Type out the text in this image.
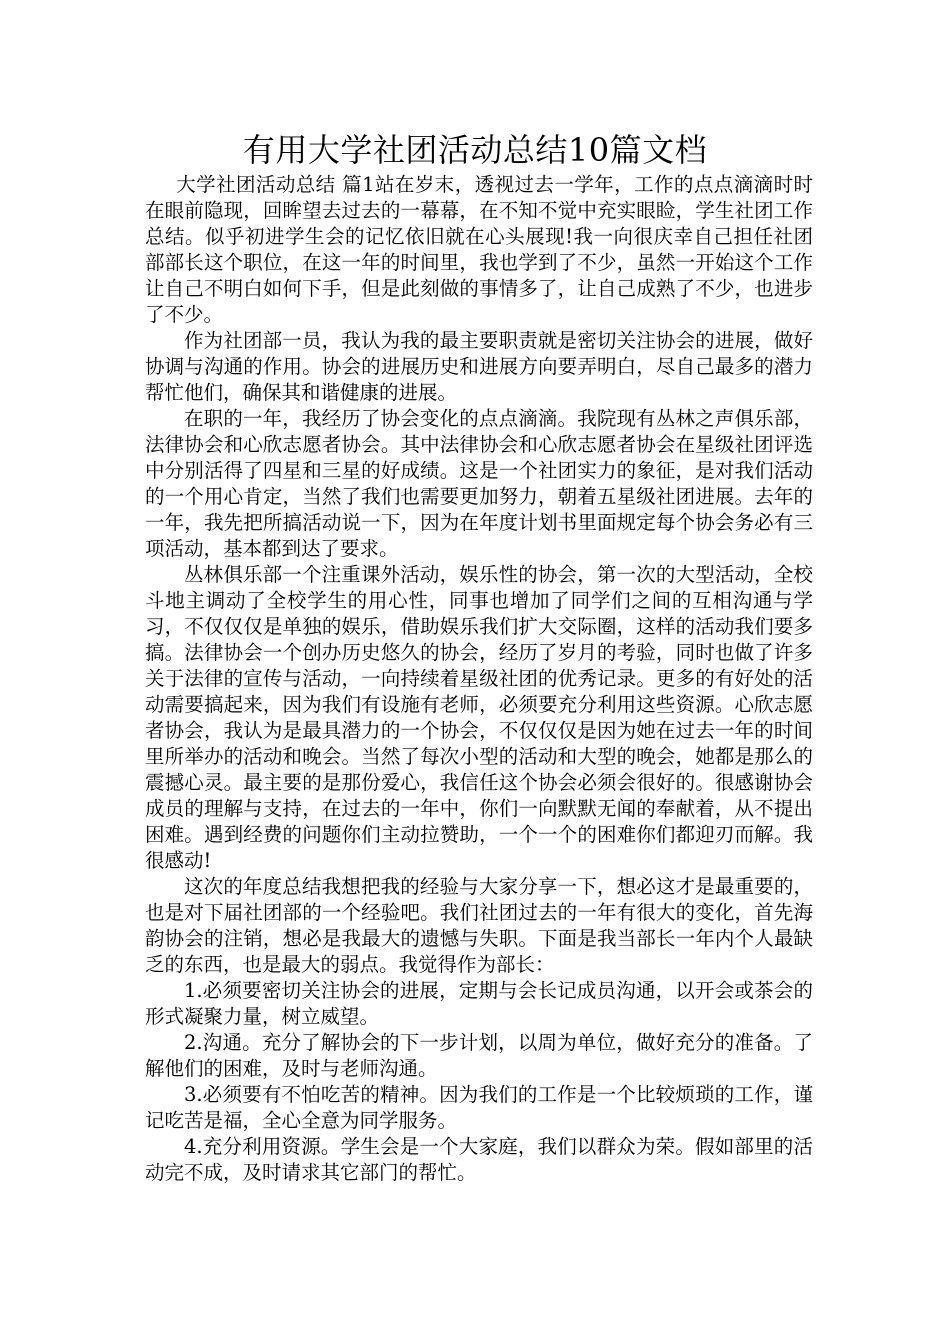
有用大学社团活动总结10篇文档

大学社团活动总结 篇1站在岁末，透视过去一学年，工作的点点滴滴时时在眼前隐现，回眸望去过去的一幕幕，在不知不觉中充实眼睑，学生社团工作总结。似乎初进学生会的记忆依旧就在心头展现!我一向很庆幸自己担任社团部部长这个职位，在这一年的时间里，我也学到了不少，虽然一开始这个工作让自己不明白如何下手，但是此刻做的事情多了，让自己成熟了不少，也进步了不少。

作为社团部一员，我认为我的最主要职责就是密切关注协会的进展，做好协调与沟通的作用。协会的进展历史和进展方向要弄明白，尽自己最多的潜力帮忙他们，确保其和谐健康的进展。

在职的一年，我经历了协会变化的点点滴滴。我院现有丛林之声俱乐部，法律协会和心欣志愿者协会。其中法律协会和心欣志愿者协会在星级社团评选中分别活得了四星和三星的好成绩。这是一个社团实力的象征，是对我们活动的一个用心肯定，当然了我们也需要更加努力，朝着五星级社团进展。去年的一年，我先把所搞活动说一下，因为在年度计划书里面规定每个协会务必有三项活动，基本都到达了要求。

丛林俱乐部一个注重课外活动，娱乐性的协会，第一次的大型活动，全校斗地主调动了全校学生的用心性，同事也增加了同学们之间的互相沟通与学习，不仅仅仅是单独的娱乐，借助娱乐我们扩大交际圈，这样的活动我们要多搞。法律协会一个创办历史悠久的协会，经历了岁月的考验，同时也做了许多关于法律的宣传与活动，一向持续着星级社团的优秀记录。更多的有好处的活动需要搞起来，因为我们有设施有老师，必须要充分利用这些资源。心欣志愿者协会，我认为是最具潜力的一个协会，不仅仅仅是因为她在过去一年的时间里所举办的活动和晚会。当然了每次小型的活动和大型的晚会，她都是那么的震撼心灵。最主要的是那份爱心，我信任这个协会必须会很好的。很感谢协会成员的理解与支持，在过去的一年中，你们一向默默无闻的奉献着，从不提出困难。遇到经费的问题你们主动拉赞助，一个一个的困难你们都迎刃而解。我很感动!

这次的年度总结我想把我的经验与大家分享一下，想必这才是最重要的，也是对下届社团部的一个经验吧。我们社团过去的一年有很大的变化，首先海韵协会的注销，想必是我最大的遗憾与失职。下面是我当部长一年内个人最缺乏的东西，也是最大的弱点。我觉得作为部长：

1.必须要密切关注协会的进展，定期与会长记成员沟通，以开会或茶会的形式凝聚力量，树立威望。

2.沟通。充分了解协会的下一步计划，以周为单位，做好充分的准备。了解他们的困难，及时与老师沟通。

3.必须要有不怕吃苦的精神。因为我们的工作是一个比较烦琐的工作，谨记吃苦是福，全心全意为同学服务。

4.充分利用资源。学生会是一个大家庭，我们以群众为荣。假如部里的活动完不成，及时请求其它部门的帮忙。
